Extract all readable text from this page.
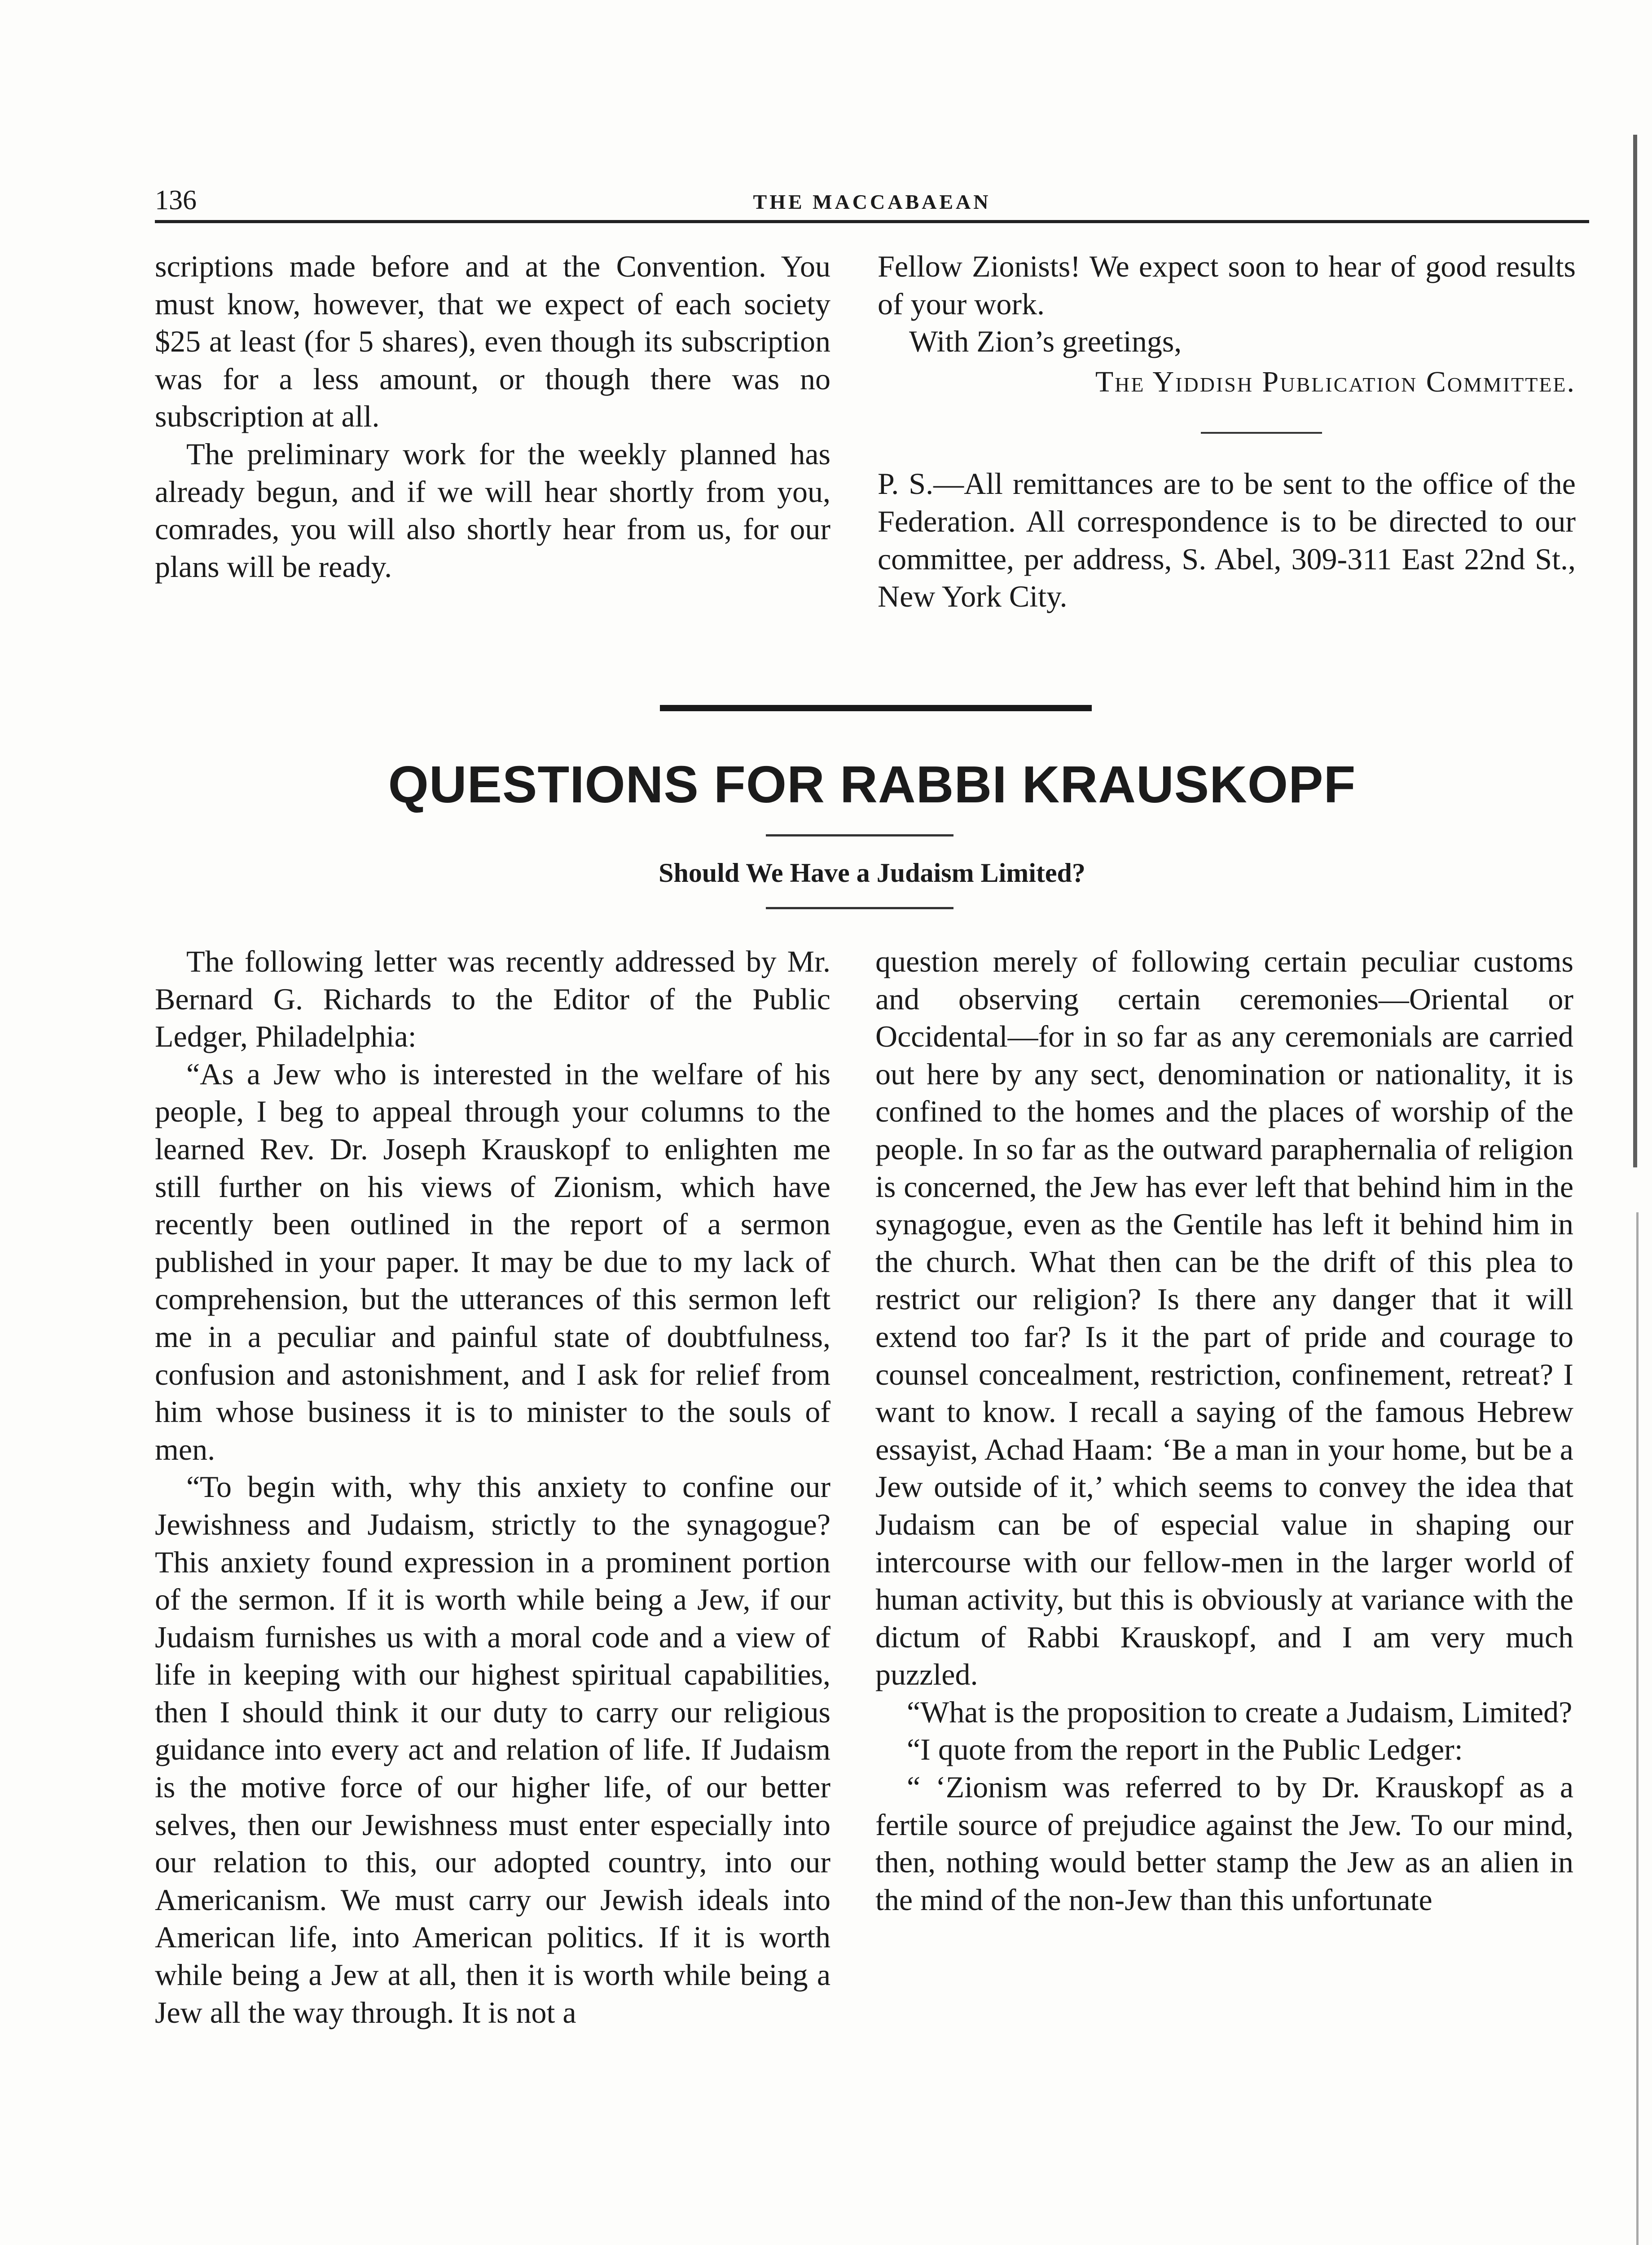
136	THE MACCABAEAN

scriptions made before and at the Convention. You must know, however, that we expect of each society $25 at least (for 5 shares), even though its subscription was for a less amount, or though there was no subscription at all.

The preliminary work for the weekly planned has already begun, and if we will hear shortly from you, comrades, you will also shortly hear from us, for our plans will be ready.

Fellow Zionists! We expect soon to hear of good results of your work.

With Zion’s greetings,

The Yiddish Publication Committee.

P. S.—All remittances are to be sent to the office of the Federation. All correspondence is to be directed to our committee, per address, S. Abel, 309-311 East 22nd St., New York City.

QUESTIONS FOR RABBI KRAUSKOPF
Should We Have a Judaism Limited?

The following letter was recently addressed by Mr. Bernard G. Richards to the Editor of the Public Ledger, Philadelphia:

“As a Jew who is interested in the welfare of his people, I beg to appeal through your columns to the learned Rev. Dr. Joseph Krauskopf to enlighten me still further on his views of Zionism, which have recently been outlined in the report of a sermon published in your paper. It may be due to my lack of comprehension, but the utterances of this sermon left me in a peculiar and painful state of doubtfulness, confusion and astonishment, and I ask for relief from him whose business it is to minister to the souls of men.

“To begin with, why this anxiety to confine our Jewishness and Judaism, strictly to the synagogue? This anxiety found expression in a prominent portion of the sermon. If it is worth while being a Jew, if our Judaism furnishes us with a moral code and a view of life in keeping with our highest spiritual capabilities, then I should think it our duty to carry our religious guidance into every act and relation of life. If Judaism is the motive force of our higher life, of our better selves, then our Jewishness must enter especially into our relation to this, our adopted country, into our Americanism. We must carry our Jewish ideals into American life, into American politics. If it is worth while being a Jew at all, then it is worth while being a Jew all the way through. It is not a

question merely of following certain peculiar customs and observing certain ceremonies—Oriental or Occidental—for in so far as any ceremonials are carried out here by any sect, denomination or nationality, it is confined to the homes and the places of worship of the people. In so far as the outward paraphernalia of religion is concerned, the Jew has ever left that behind him in the synagogue, even as the Gentile has left it behind him in the church. What then can be the drift of this plea to restrict our religion? Is there any danger that it will extend too far? Is it the part of pride and courage to counsel concealment, restriction, confinement, retreat? I want to know. I recall a saying of the famous Hebrew essayist, Achad Haam: ‘Be a man in your home, but be a Jew outside of it,’ which seems to convey the idea that Judaism can be of especial value in shaping our intercourse with our fellow-men in the larger world of human activity, but this is obviously at variance with the dictum of Rabbi Krauskopf, and I am very much puzzled.

“What is the proposition to create a Judaism, Limited?

“I quote from the report in the Public Ledger:

“ ‘Zionism was referred to by Dr. Krauskopf as a fertile source of prejudice against the Jew. To our mind, then, nothing would better stamp the Jew as an alien in the mind of the non-Jew than this unfortunate
